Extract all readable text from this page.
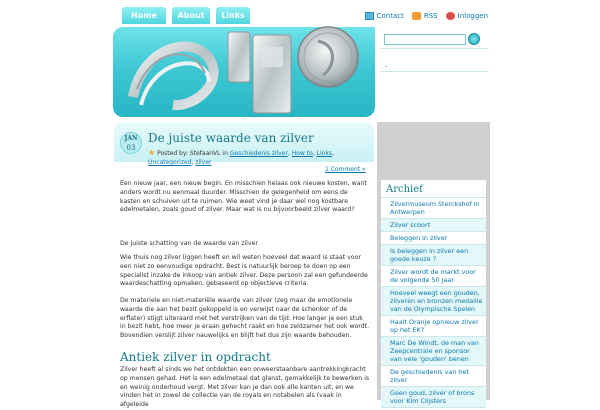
Home	About	Links	Contact	RSS	Inloggen
.
JAN
03
De juiste waarde van zilver
★ Posted by: StefaanVL in Geschiedenis zilver, How to, Links, Uncategorized, zilver
1 Comment »
Een nieuw jaar, een nieuw begin. En misschien helaas ook nieuwe kosten, want anders wordt nu eenmaal duurder. Misschien de gelegenheid om eens de kasten en schuiven uit te ruimen. Wie weet vind je daar wel nog kostbare edelmetalen, zoals goud of zilver. Maar wat is nu bijvoorbeeld zilver waard?
De juiste schatting van de waarde van zilver
Wie thuis nog zilver liggen heeft en wil weten hoeveel dat waard is staat voor een niet zo eenvoudige opdracht. Best is natuurlijk beroep te doen op een specialist inzake de inkoop van antiek zilver. Deze persoon zal een gefundeerde waardeschatting opmaken, gebaseerd op objectieve criteria.
De materiele en niet-materiële waarde van zilver (zeg maar de emotionele waarde die aan het bezit gekoppeld is en verwijst naar de schenker of de erflater) stijgt uiteraard met het verstrijken van de tijd. Hoe langer je een stuk in bezit hebt, hoe meer je eraan gehecht raakt en hoe zeldzamer het ook wordt. Bovendien verslijt zilver nauwelijks en blijft het dus zijn waarde behouden.
Antiek zilver in opdracht
Zilver heeft al sinds we het ontdekten een onweerstaanbare aantrekkingkracht op mensen gehad. Het is een edelmetaal dat glanst, gemakkelijk te bewerken is en weinig onderhoud vergt. Met zilver kan je dan ook alle kanten uit, en we vinden het in zowel de collectie van de royals en notabelen als (vaak in afgeleide
Archief
Zilvermuseum Sterckshof in Antwerpen
Zilver scoort
Beleggen in zilver
Is beleggen in zilver een goede keuze ?
Zilver wordt de markt voor de volgende 50 jaar
Hoeveel weegt een gouden, zilveren en bronzen medaille van de Olympische Spelen
Haalt Oranje opnieuw zilver op het EK?
Marc De Windt, de man van Zeepcentrale en sponsor van vele 'gouden' benen
De geschiedenis van het zilver
Geen goud, zilver of brons voor Kim Clijsters
